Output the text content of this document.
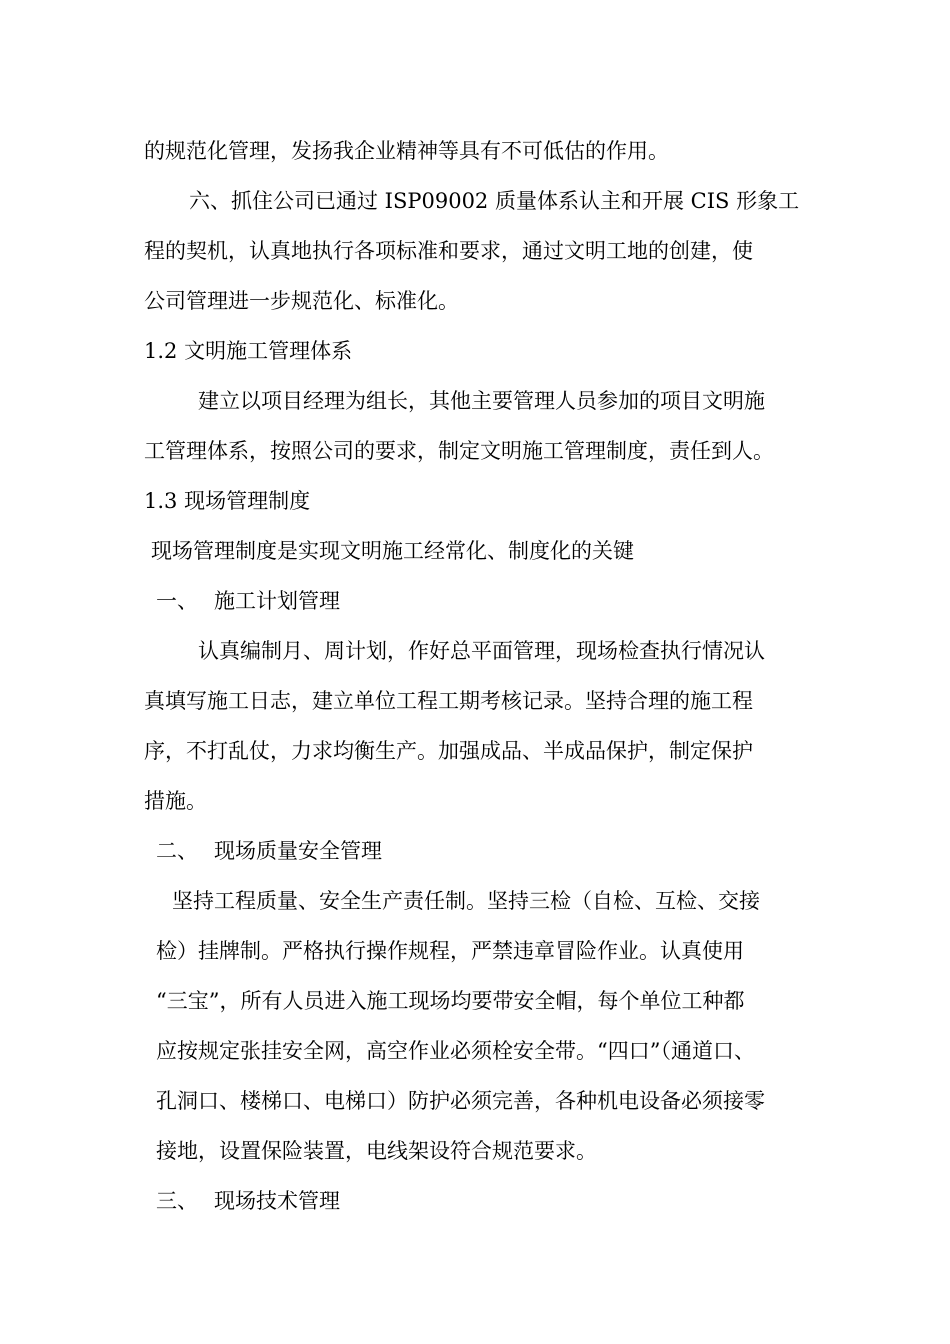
的规范化管理，发扬我企业精神等具有不可低估的作用。
六、抓住公司已通过 ISP09002 质量体系认主和开展 CIS 形象工
程的契机，认真地执行各项标准和要求，通过文明工地的创建，使
公司管理进一步规范化、标准化。
1.2 文明施工管理体系
建立以项目经理为组长，其他主要管理人员参加的项目文明施
工管理体系，按照公司的要求，制定文明施工管理制度，责任到人。
1.3 现场管理制度
现场管理制度是实现文明施工经常化、制度化的关键
一、 施工计划管理
认真编制月、周计划，作好总平面管理，现场检查执行情况认
真填写施工日志，建立单位工程工期考核记录。坚持合理的施工程
序，不打乱仗，力求均衡生产。加强成品、半成品保护，制定保护
措施。
二、 现场质量安全管理
坚持工程质量、安全生产责任制。坚持三检（自检、互检、交接
检）挂牌制。严格执行操作规程，严禁违章冒险作业。认真使用
“三宝”，所有人员进入施工现场均要带安全帽，每个单位工种都
应按规定张挂安全网，高空作业必须栓安全带。“四口”（通道口、
孔洞口、楼梯口、电梯口）防护必须完善，各种机电设备必须接零
接地，设置保险装置，电线架设符合规范要求。
三、 现场技术管理
